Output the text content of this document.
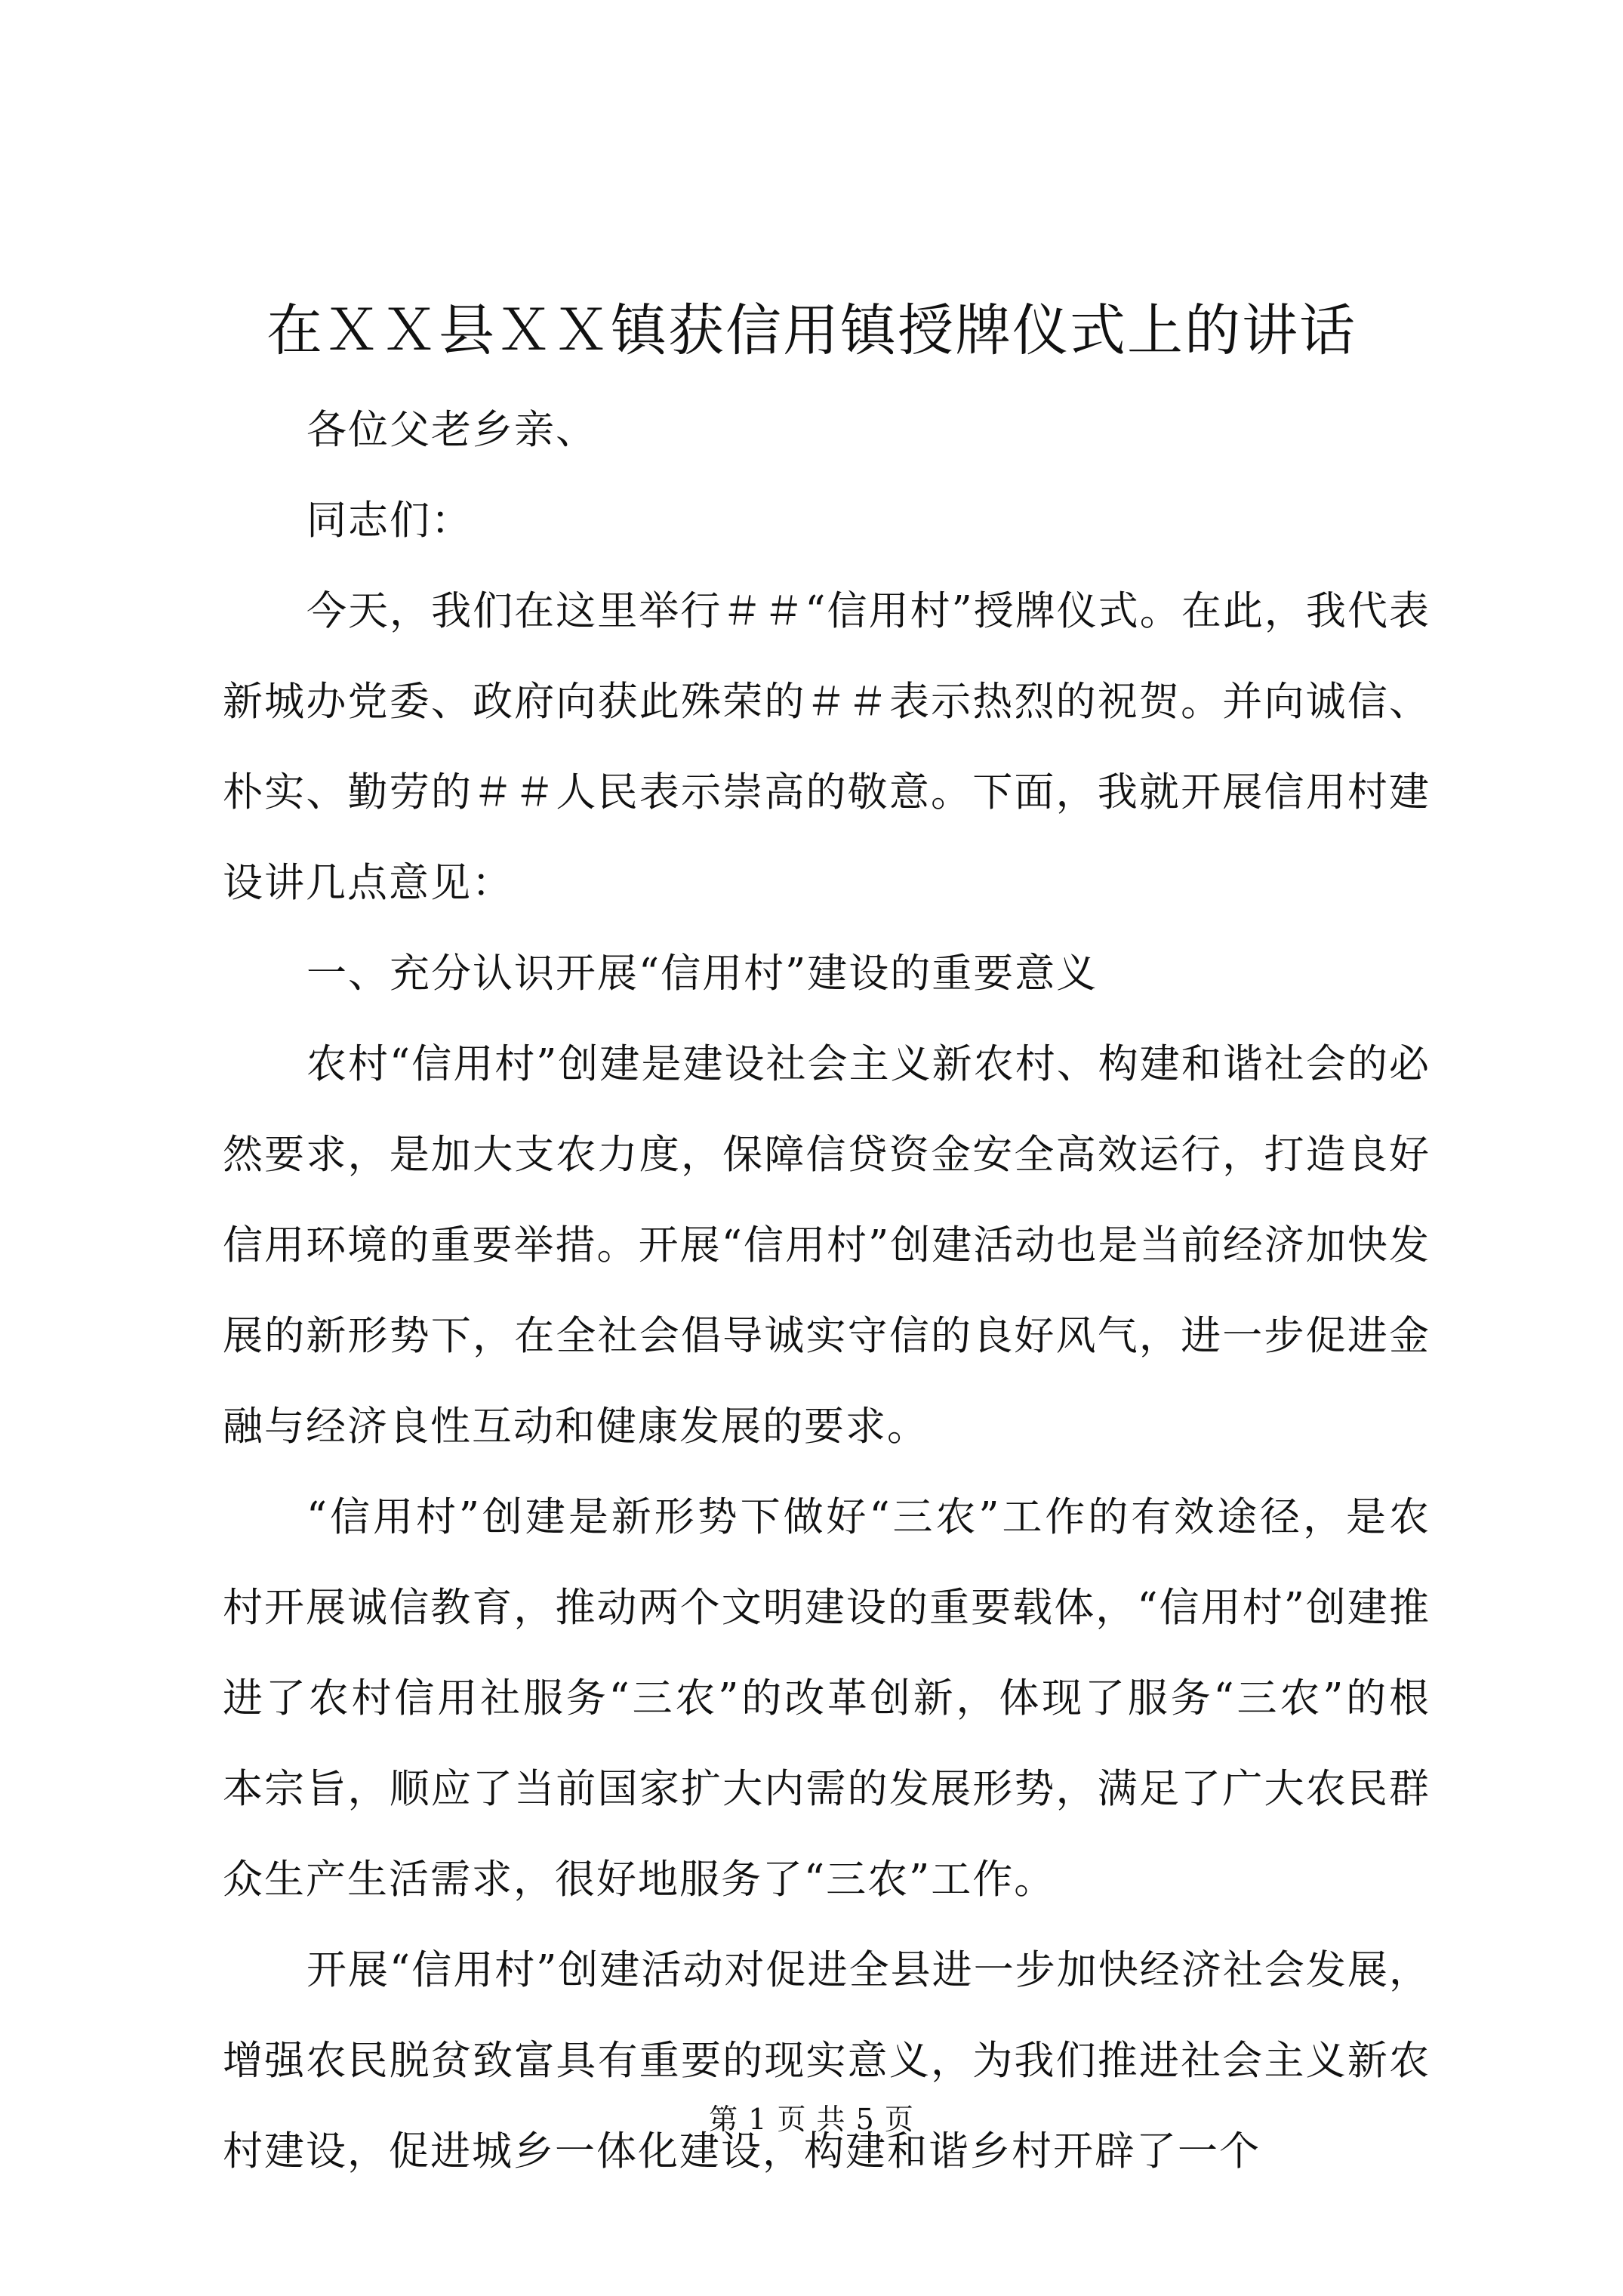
在ＸＸ县ＸＸ镇获信用镇授牌仪式上的讲话

各位父老乡亲、

同志们：

今天，我们在这里举行＃＃“信用村”授牌仪式。在此，我代表新城办党委、政府向获此殊荣的＃＃表示热烈的祝贺。并向诚信、朴实、勤劳的＃＃人民表示崇高的敬意。下面，我就开展信用村建设讲几点意见：

一、充分认识开展“信用村”建设的重要意义

农村“信用村”创建是建设社会主义新农村、构建和谐社会的必然要求，是加大支农力度，保障信贷资金安全高效运行，打造良好信用环境的重要举措。开展“信用村”创建活动也是当前经济加快发展的新形势下，在全社会倡导诚实守信的良好风气，进一步促进金融与经济良性互动和健康发展的要求。

“信用村”创建是新形势下做好“三农”工作的有效途径，是农村开展诚信教育，推动两个文明建设的重要载体，“信用村”创建推进了农村信用社服务“三农”的改革创新，体现了服务“三农”的根本宗旨，顺应了当前国家扩大内需的发展形势，满足了广大农民群众生产生活需求，很好地服务了“三农”工作。

开展“信用村”创建活动对促进全县进一步加快经济社会发展，增强农民脱贫致富具有重要的现实意义，为我们推进社会主义新农村建设，促进城乡一体化建设，构建和谐乡村开辟了一个

第 1 页 共 5 页
